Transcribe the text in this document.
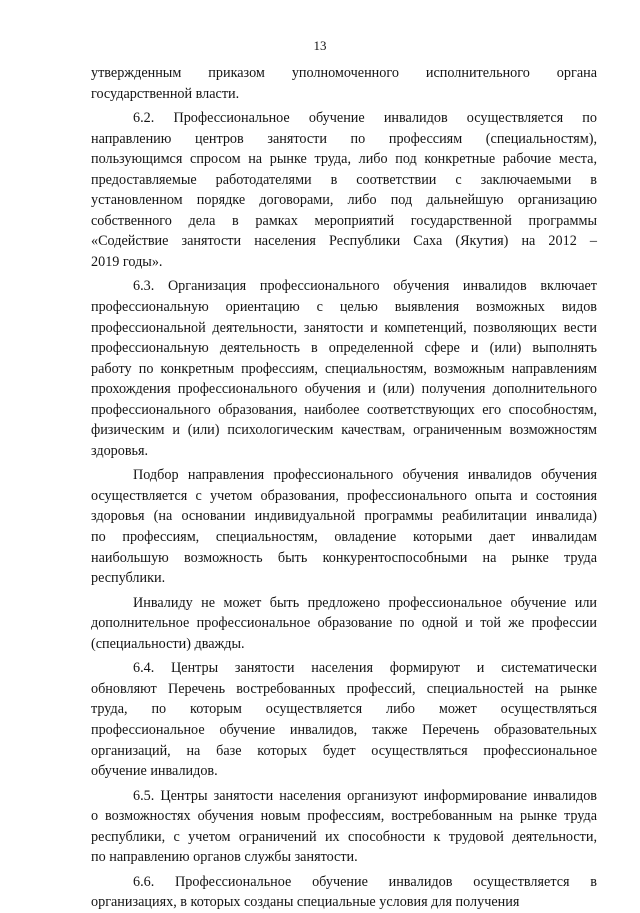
13
утвержденным приказом уполномоченного исполнительного органа
государственной власти.
6.2. Профессиональное обучение инвалидов осуществляется по
направлению центров занятости по профессиям (специальностям),
пользующимся спросом на рынке труда, либо под конкретные рабочие места,
предоставляемые работодателями в соответствии с заключаемыми в
установленном порядке договорами, либо под дальнейшую организацию
собственного дела в рамках мероприятий государственной программы
«Содействие занятости населения Республики Саха (Якутия) на 2012 –
2019 годы».
6.3. Организация профессионального обучения инвалидов включает
профессиональную ориентацию с целью выявления возможных видов
профессиональной деятельности, занятости и компетенций, позволяющих вести
профессиональную деятельность в определенной сфере и (или) выполнять
работу по конкретным профессиям, специальностям, возможным направлениям
прохождения профессионального обучения и (или) получения дополнительного
профессионального образования, наиболее соответствующих его способностям,
физическим и (или) психологическим качествам, ограниченным возможностям
здоровья.
Подбор направления профессионального обучения инвалидов обучения
осуществляется с учетом образования, профессионального опыта и состояния
здоровья (на основании индивидуальной программы реабилитации инвалида)
по профессиям, специальностям, овладение которыми дает инвалидам
наибольшую возможность быть конкурентоспособными на рынке труда
республики.
Инвалиду не может быть предложено профессиональное обучение или
дополнительное профессиональное образование по одной и той же профессии
(специальности) дважды.
6.4. Центры занятости населения формируют и систематически
обновляют Перечень востребованных профессий, специальностей на рынке
труда, по которым осуществляется либо может осуществляться
профессиональное обучение инвалидов, также Перечень образовательных
организаций, на базе которых будет осуществляться профессиональное
обучение инвалидов.
6.5. Центры занятости населения организуют информирование инвалидов
о возможностях обучения новым профессиям, востребованным на рынке труда
республики, с учетом ограничений их способности к трудовой деятельности,
по направлению органов службы занятости.
6.6. Профессиональное обучение инвалидов осуществляется в
организациях, в которых созданы специальные условия для получения
